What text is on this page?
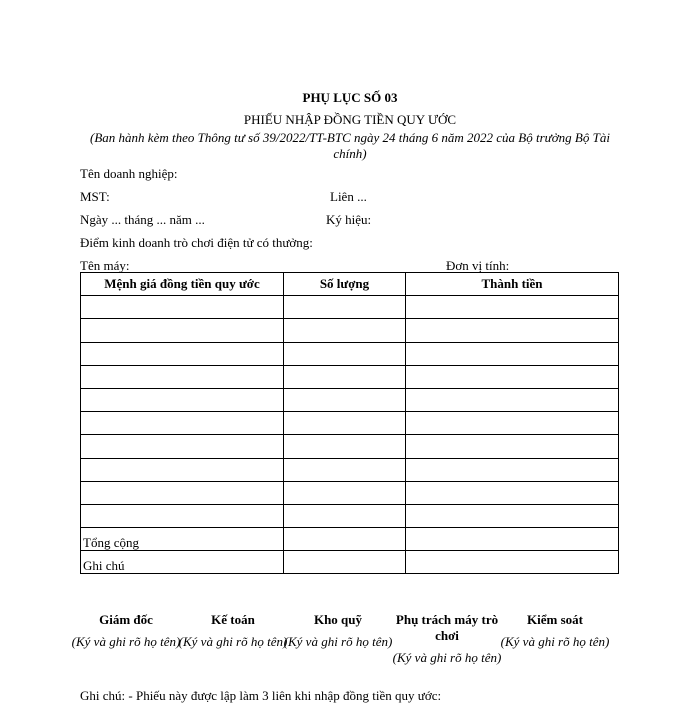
PHỤ LỤC SỐ 03
PHIẾU NHẬP ĐỒNG TIỀN QUY ƯỚC
(Ban hành kèm theo Thông tư số 39/2022/TT-BTC ngày 24 tháng 6 năm 2022 của Bộ trưởng Bộ Tài chính)
Tên doanh nghiệp:
MST:	Liên ...
Ngày ... tháng ... năm ...	Ký hiệu:
Điểm kinh doanh trò chơi điện tử có thưởng:
Tên máy:	Đơn vị tính:
Mệnh giá đồng tiền quy ước	Số lượng	Thành tiền

Tổng cộng		
Ghi chú		
Giám đốc
(Ký và ghi rõ họ tên)
Kế toán
(Ký và ghi rõ họ tên)
Kho quỹ
(Ký và ghi rõ họ tên)
Phụ trách máy trò chơi
(Ký và ghi rõ họ tên)
Kiểm soát
(Ký và ghi rõ họ tên)
Ghi chú: - Phiếu này được lập làm 3 liên khi nhập đồng tiền quy ước:
